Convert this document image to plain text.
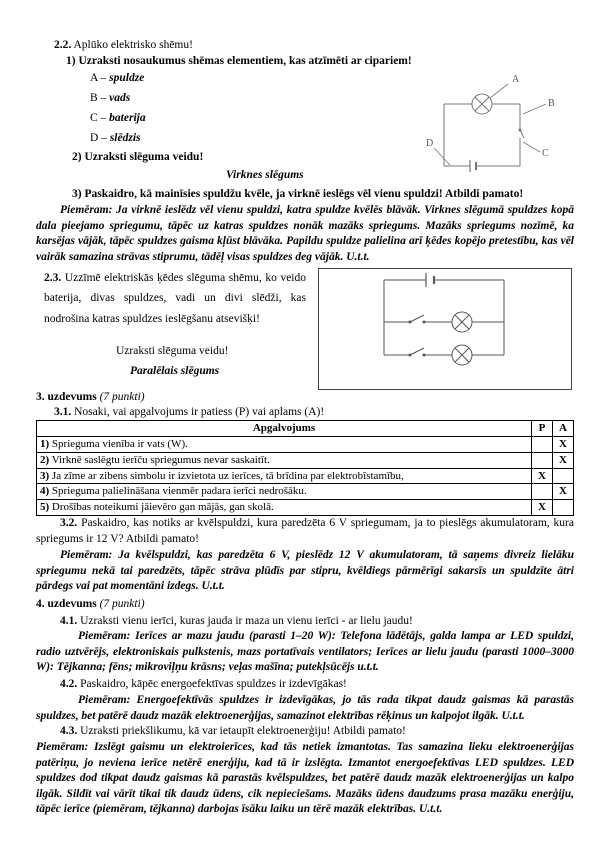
2.2. Aplūko elektrisko shēmu!
1) Uzraksti nosaukumus shēmas elementiem, kas atzīmēti ar cipariem!
A – spuldze
B – vads
C – baterija
D – slēdzis
A
B
C
D
2) Uzraksti slēguma veidu!
Virknes slēgums
3) Paskaidro, kā mainīsies spuldžu kvēle, ja virknē ieslēgs vēl vienu spuldzi! Atbildi pamato!
Piemēram: Ja virknē ieslēdz vēl vienu spuldzi, katra spuldze kvēlēs blāvāk. Virknes slēgumā spuldzes kopā dala pieejamo spriegumu, tāpēc uz katras spuldzes nonāk mazāks spriegums. Mazāks spriegums nozīmē, ka karsējas vājāk, tāpēc spuldzes gaisma kļūst blāvāka. Papildu spuldze palielina arī ķēdes kopējo pretestību, kas vēl vairāk samazina strāvas stiprumu, tādēļ visas spuldzes deg vājāk. U.t.t.
2.3. Uzzīmē elektriskās ķēdes slēguma shēmu, ko veido baterija, divas spuldzes, vadi un divi slēdži, kas nodrošina katras spuldzes ieslēgšanu atsevišķi!
Uzraksti slēguma veidu!
Paralēlais slēgums
3. uzdevums (7 punkti)
3.1. Nosaki, vai apgalvojums ir patiess (P) vai aplams (A)!
Apgalvojums	P	A
1) Sprieguma vienība ir vats (W).		X
2) Virknē saslēgtu ierīču spriegumus nevar saskaitīt.		X
3) Ja zīme ar zibens simbolu ir izvietota uz ierīces, tā brīdina par elektrobīstamību,	X	
4) Sprieguma palielināšana vienmēr padara ierīci nedrošāku.		X
5) Drošības noteikumi jāievēro gan mājās, gan skolā.	X	
3.2. Paskaidro, kas notiks ar kvēlspuldzi, kura paredzēta 6 V spriegumam, ja to pieslēgs akumulatoram, kura spriegums ir 12 V? Atbildi pamato!
Piemēram: Ja kvēlspuldzi, kas paredzēta 6 V, pieslēdz 12 V akumulatoram, tā saņems divreiz lielāku spriegumu nekā tai paredzēts, tāpēc strāva plūdīs par stipru, kvēldiegs pārmērīgi sakarsīs un spuldzīte ātri pārdegs vai pat momentāni izdegs. U.t.t.
4. uzdevums (7 punkti)
4.1. Uzraksti vienu ierīci, kuras jauda ir maza un vienu ierīci - ar lielu jaudu!
Piemēram: Ierīces ar mazu jaudu (parasti 1–20 W): Telefona lādētājs, galda lampa ar LED spuldzi, radio uztvērējs, elektroniskais pulkstenis, mazs portatīvais ventilators; Ierīces ar lielu jaudu (parasti 1000–3000 W): Tējkanna; fēns; mikroviļņu krāsns; veļas mašīna; putekļsūcējs u.t.t.
4.2. Paskaidro, kāpēc energoefektīvas spuldzes ir izdevīgākas!
Piemēram: Energoefektīvās spuldzes ir izdevīgākas, jo tās rada tikpat daudz gaismas kā parastās spuldzes, bet patērē daudz mazāk elektroenerģijas, samazinot elektrības rēķinus un kalpojot ilgāk. U.t.t.
4.3. Uzraksti priekšlikumu, kā var ietaupīt elektroenerģiju! Atbildi pamato!
Piemēram: Izslēgt gaismu un elektroierīces, kad tās netiek izmantotas. Tas samazina lieku elektroenerģijas patēriņu, jo neviena ierīce netērē enerģiju, kad tā ir izslēgta. Izmantot energoefektīvas LED spuldzes. LED spuldzes dod tikpat daudz gaismas kā parastās kvēlspuldzes, bet patērē daudz mazāk elektroenerģijas un kalpo ilgāk. Sildīt vai vārīt tikai tik daudz ūdens, cik nepieciešams. Mazāks ūdens daudzums prasa mazāku enerģiju, tāpēc ierīce (piemēram, tējkanna) darbojas īsāku laiku un tērē mazāk elektrības. U.t.t.
